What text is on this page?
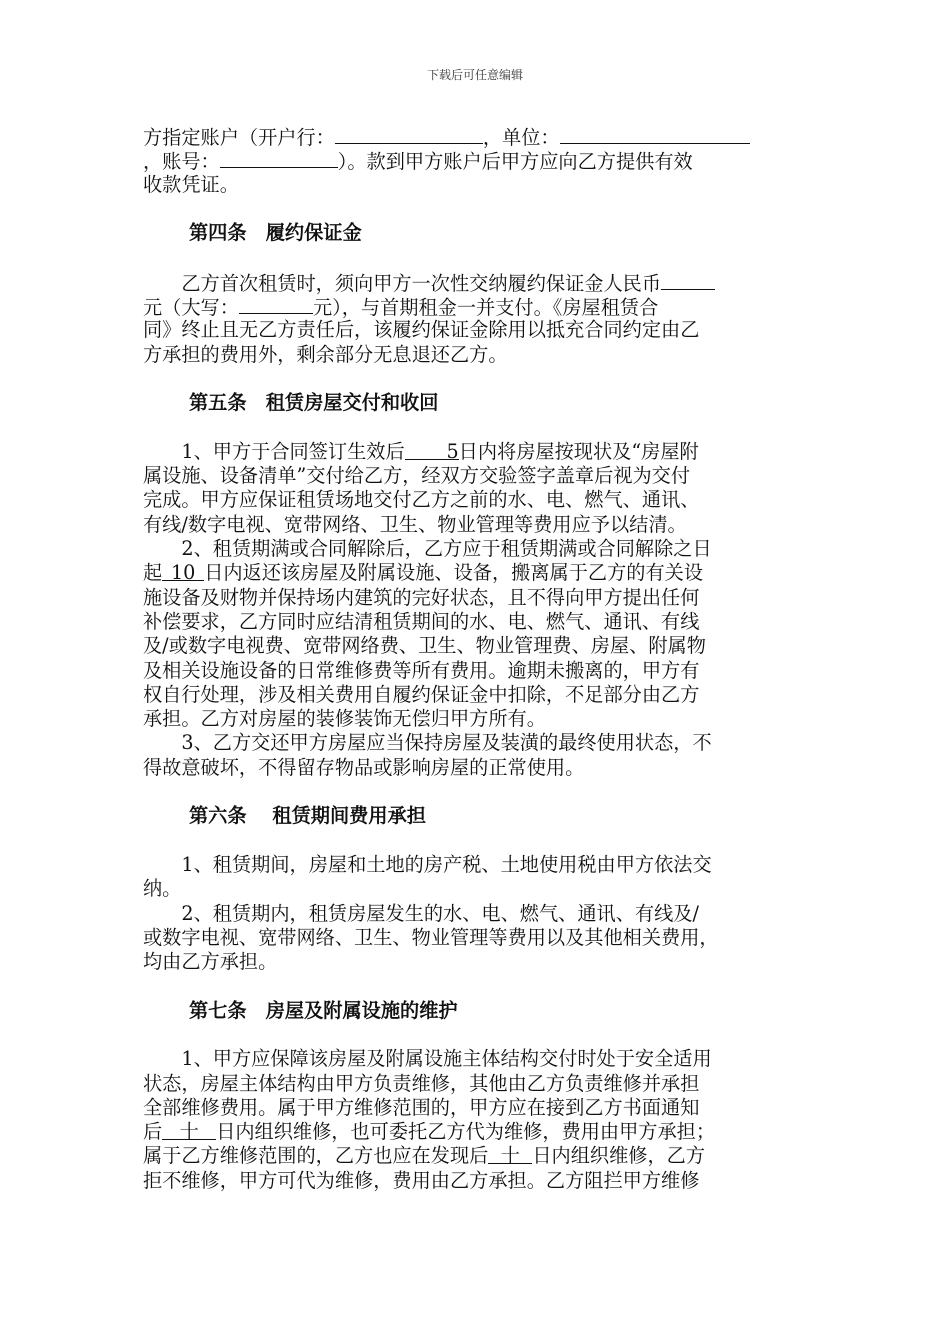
下载后可任意编辑
方指定账户（开户行：	，单位：
，账号：	）。款到甲方账户后甲方应向乙方提供有效
收款凭证。
第四条　履约保证金
　　乙方首次租赁时，须向甲方一次性交纳履约保证金人民币
元（大写：	元），与首期租金一并支付。《房屋租赁合
同》终止且无乙方责任后，该履约保证金除用以抵充合同约定由乙
方承担的费用外，剩余部分无息退还乙方。
第五条　租赁房屋交付和收回
　　1、甲方于合同签订生效后 5日内将房屋按现状及“房屋附
属设施、设备清单”交付给乙方，经双方交验签字盖章后视为交付
完成。甲方应保证租赁场地交付乙方之前的水、电、燃气、通讯、
有线/数字电视、宽带网络、卫生、物业管理等费用应予以结清。
　　2、租赁期满或合同解除后，乙方应于租赁期满或合同解除之日
起 10 日内返还该房屋及附属设施、设备，搬离属于乙方的有关设
施设备及财物并保持场内建筑的完好状态，且不得向甲方提出任何
补偿要求，乙方同时应结清租赁期间的水、电、燃气、通讯、有线
及/或数字电视费、宽带网络费、卫生、物业管理费、房屋、附属物
及相关设施设备的日常维修费等所有费用。逾期未搬离的，甲方有
权自行处理，涉及相关费用自履约保证金中扣除，不足部分由乙方
承担。乙方对房屋的装修装饰无偿归甲方所有。
　　3、乙方交还甲方房屋应当保持房屋及装潢的最终使用状态，不
得故意破坏，不得留存物品或影响房屋的正常使用。
第六条　 租赁期间费用承担
　　1、租赁期间，房屋和土地的房产税、土地使用税由甲方依法交
纳。
　　2、租赁期内，租赁房屋发生的水、电、燃气、通讯、有线及/
或数字电视、宽带网络、卫生、物业管理等费用以及其他相关费用，
均由乙方承担。
第七条　房屋及附属设施的维护
　　1、甲方应保障该房屋及附属设施主体结构交付时处于安全适用
状态，房屋主体结构由甲方负责维修，其他由乙方负责维修并承担
全部维修费用。属于甲方维修范围的，甲方应在接到乙方书面通知
后 十 日内组织维修，也可委托乙方代为维修，费用由甲方承担；
属于乙方维修范围的，乙方也应在发现后 十 日内组织维修，乙方
拒不维修，甲方可代为维修，费用由乙方承担。乙方阻拦甲方维修
